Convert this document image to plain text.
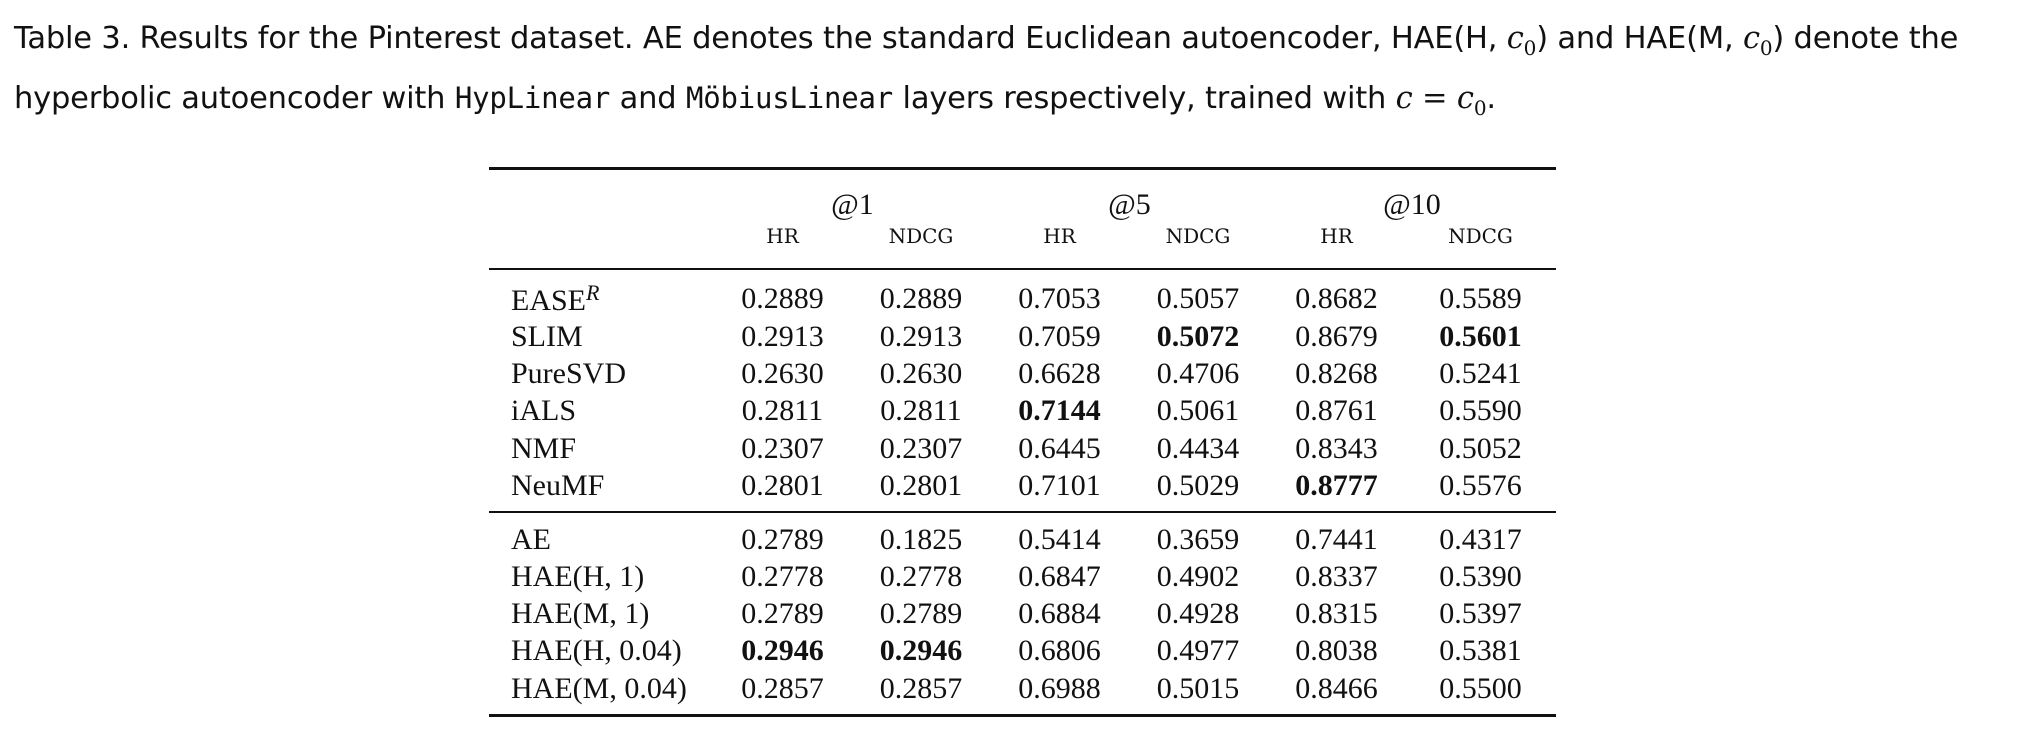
Table 3. Results for the Pinterest dataset. AE denotes the standard Euclidean autoencoder, HAE(H, $c_0$) and HAE(M, $c_0$) denote the
hyperbolic autoencoder with HypLinear and MöbiusLinear layers respectively, trained with $c = c_0$.

	@1		@5		@10	
	HR	NDCG	HR	NDCG	HR	NDCG
$EASE^R$	0.2889	0.2889	0.7053	0.5057	0.8682	0.5589
SLIM	0.2913	0.2913	0.7059	0.5072	0.8679	0.5601
PureSVD	0.2630	0.2630	0.6628	0.4706	0.8268	0.5241
iALS	0.2811	0.2811	0.7144	0.5061	0.8761	0.5590
NMF	0.2307	0.2307	0.6445	0.4434	0.8343	0.5052
NeuMF	0.2801	0.2801	0.7101	0.5029	0.8777	0.5576
AE	0.2789	0.1825	0.5414	0.3659	0.7441	0.4317
HAE(H, 1)	0.2778	0.2778	0.6847	0.4902	0.8337	0.5390
HAE(M, 1)	0.2789	0.2789	0.6884	0.4928	0.8315	0.5397
HAE(H, 0.04)	0.2946	0.2946	0.6806	0.4977	0.8038	0.5381
HAE(M, 0.04)	0.2857	0.2857	0.6988	0.5015	0.8466	0.5500
